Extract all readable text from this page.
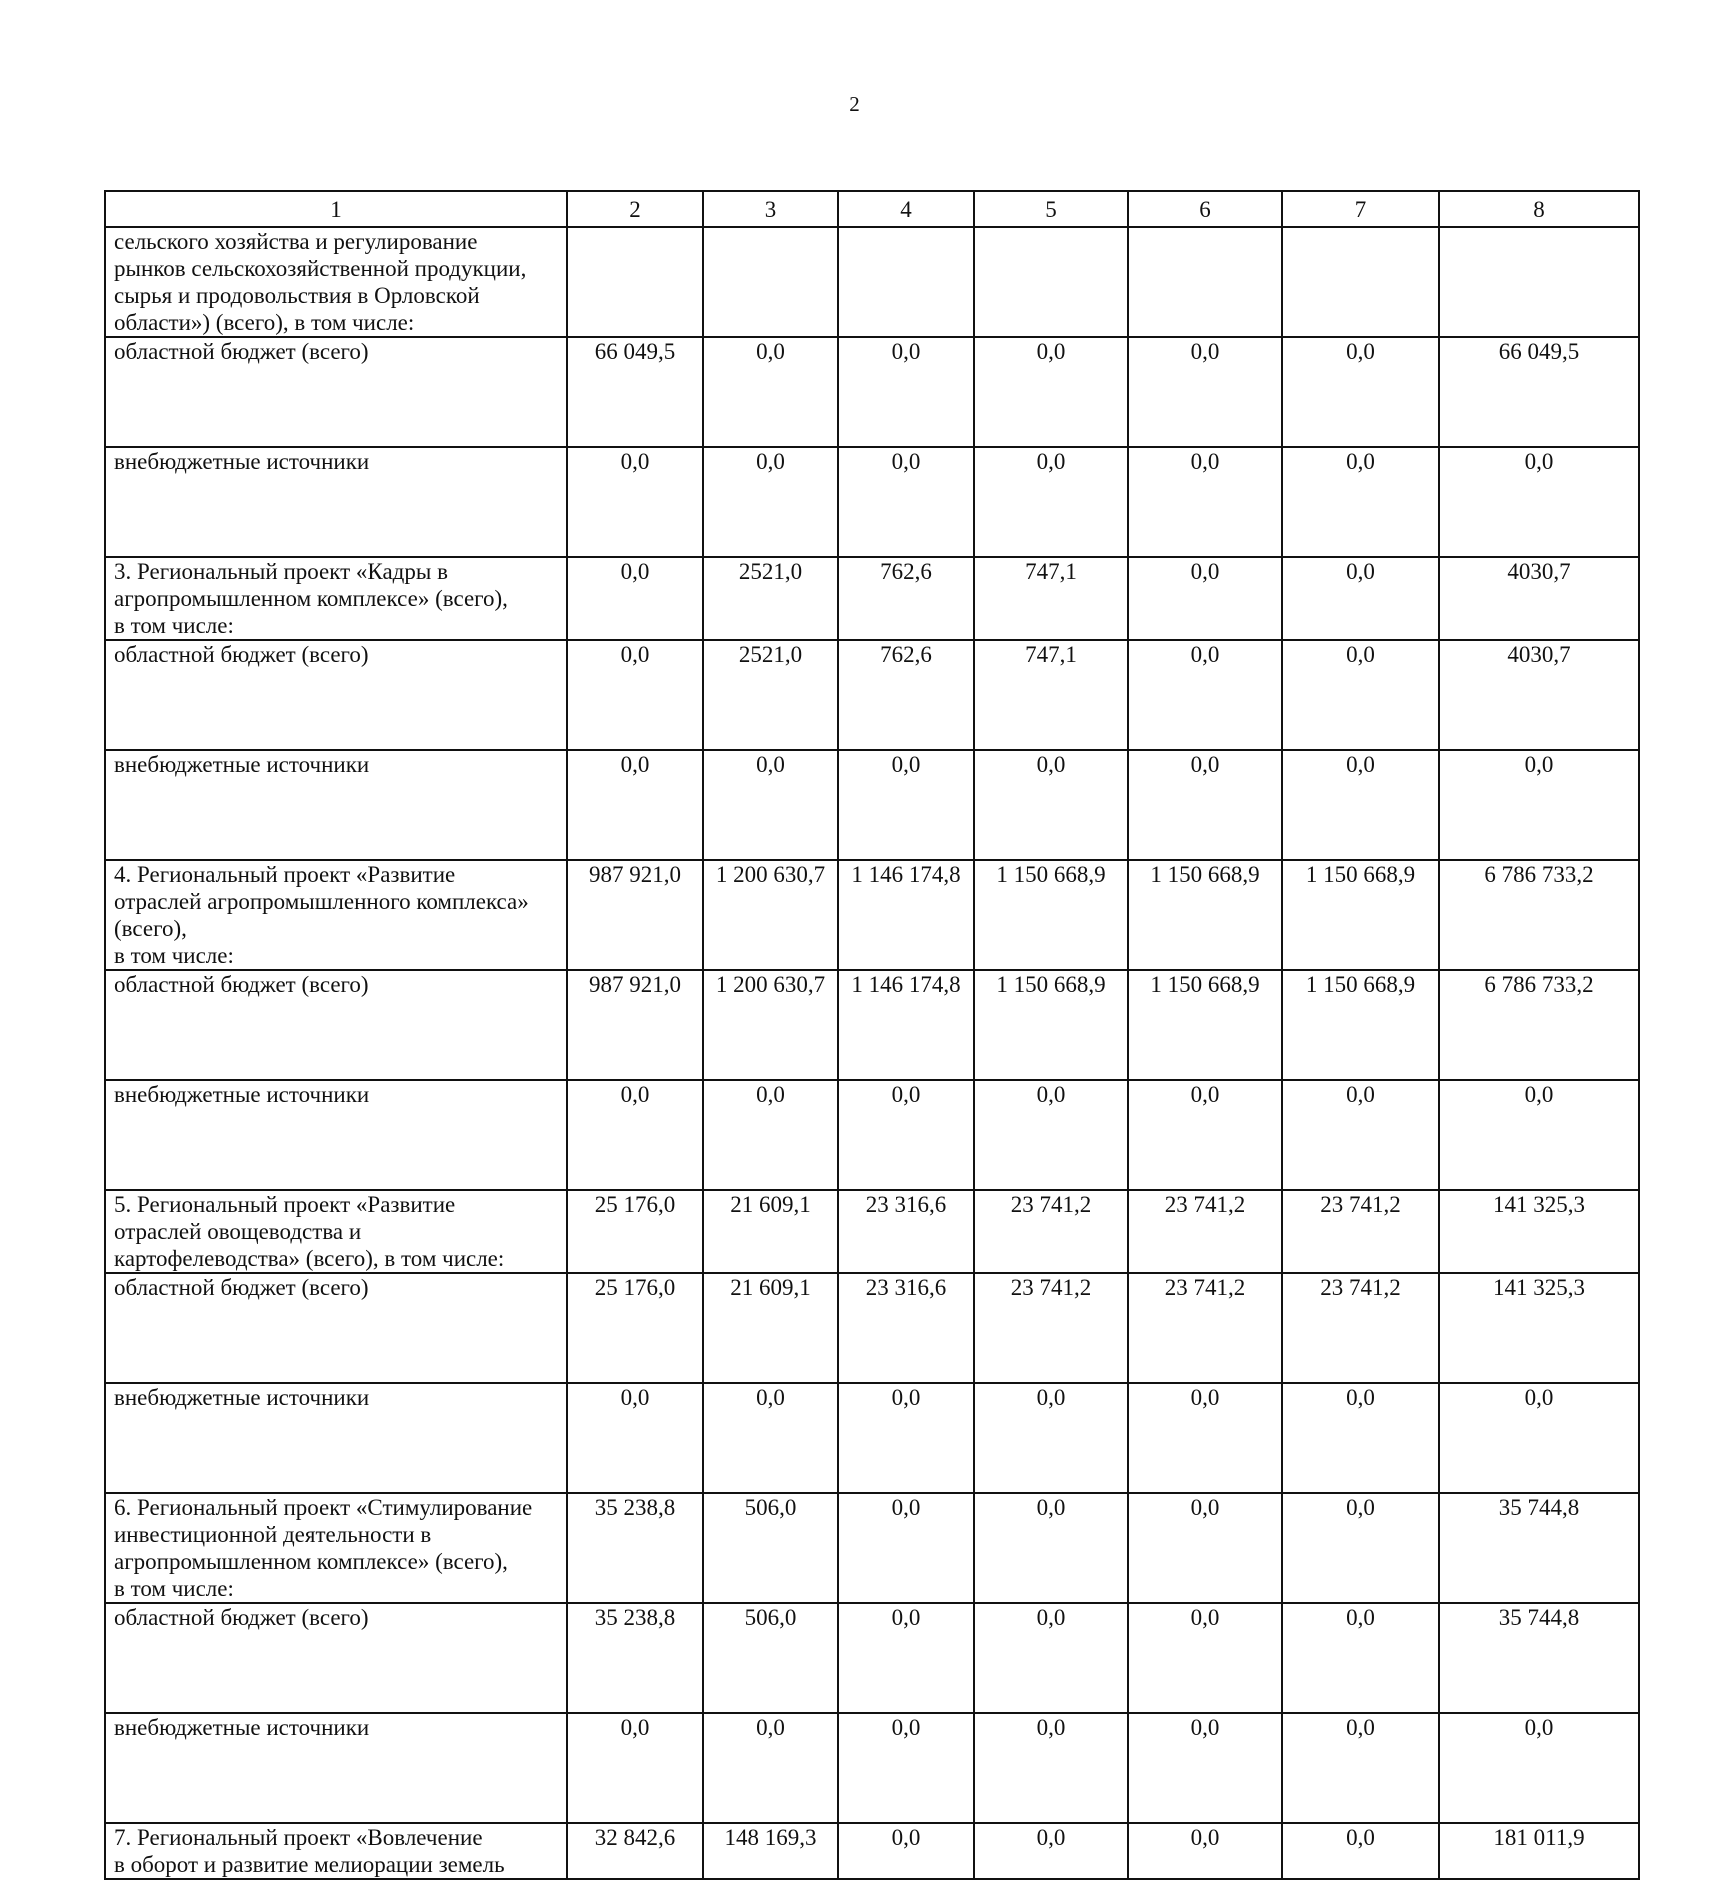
2
1	2	3	4	5	6	7	8
сельского хозяйства и регулирование
рынков сельскохозяйственной продукции,
сырья и продовольствия в Орловской
области») (всего), в том числе:							
областной бюджет (всего)	66 049,5	0,0	0,0	0,0	0,0	0,0	66 049,5
внебюджетные источники	0,0	0,0	0,0	0,0	0,0	0,0	0,0
3. Региональный проект «Кадры в
агропромышленном комплексе» (всего),
в том числе:	0,0	2521,0	762,6	747,1	0,0	0,0	4030,7
областной бюджет (всего)	0,0	2521,0	762,6	747,1	0,0	0,0	4030,7
внебюджетные источники	0,0	0,0	0,0	0,0	0,0	0,0	0,0
4. Региональный проект «Развитие
отраслей агропромышленного комплекса»
(всего),
в том числе:	987 921,0	1 200 630,7	1 146 174,8	1 150 668,9	1 150 668,9	1 150 668,9	6 786 733,2
областной бюджет (всего)	987 921,0	1 200 630,7	1 146 174,8	1 150 668,9	1 150 668,9	1 150 668,9	6 786 733,2
внебюджетные источники	0,0	0,0	0,0	0,0	0,0	0,0	0,0
5. Региональный проект «Развитие
отраслей овощеводства и
картофелеводства» (всего), в том числе:	25 176,0	21 609,1	23 316,6	23 741,2	23 741,2	23 741,2	141 325,3
областной бюджет (всего)	25 176,0	21 609,1	23 316,6	23 741,2	23 741,2	23 741,2	141 325,3
внебюджетные источники	0,0	0,0	0,0	0,0	0,0	0,0	0,0
6. Региональный проект «Стимулирование
инвестиционной деятельности в
агропромышленном комплексе» (всего),
в том числе:	35 238,8	506,0	0,0	0,0	0,0	0,0	35 744,8
областной бюджет (всего)	35 238,8	506,0	0,0	0,0	0,0	0,0	35 744,8
внебюджетные источники	0,0	0,0	0,0	0,0	0,0	0,0	0,0
7. Региональный проект «Вовлечение
в оборот и развитие мелиорации земель	32 842,6	148 169,3	0,0	0,0	0,0	0,0	181 011,9
